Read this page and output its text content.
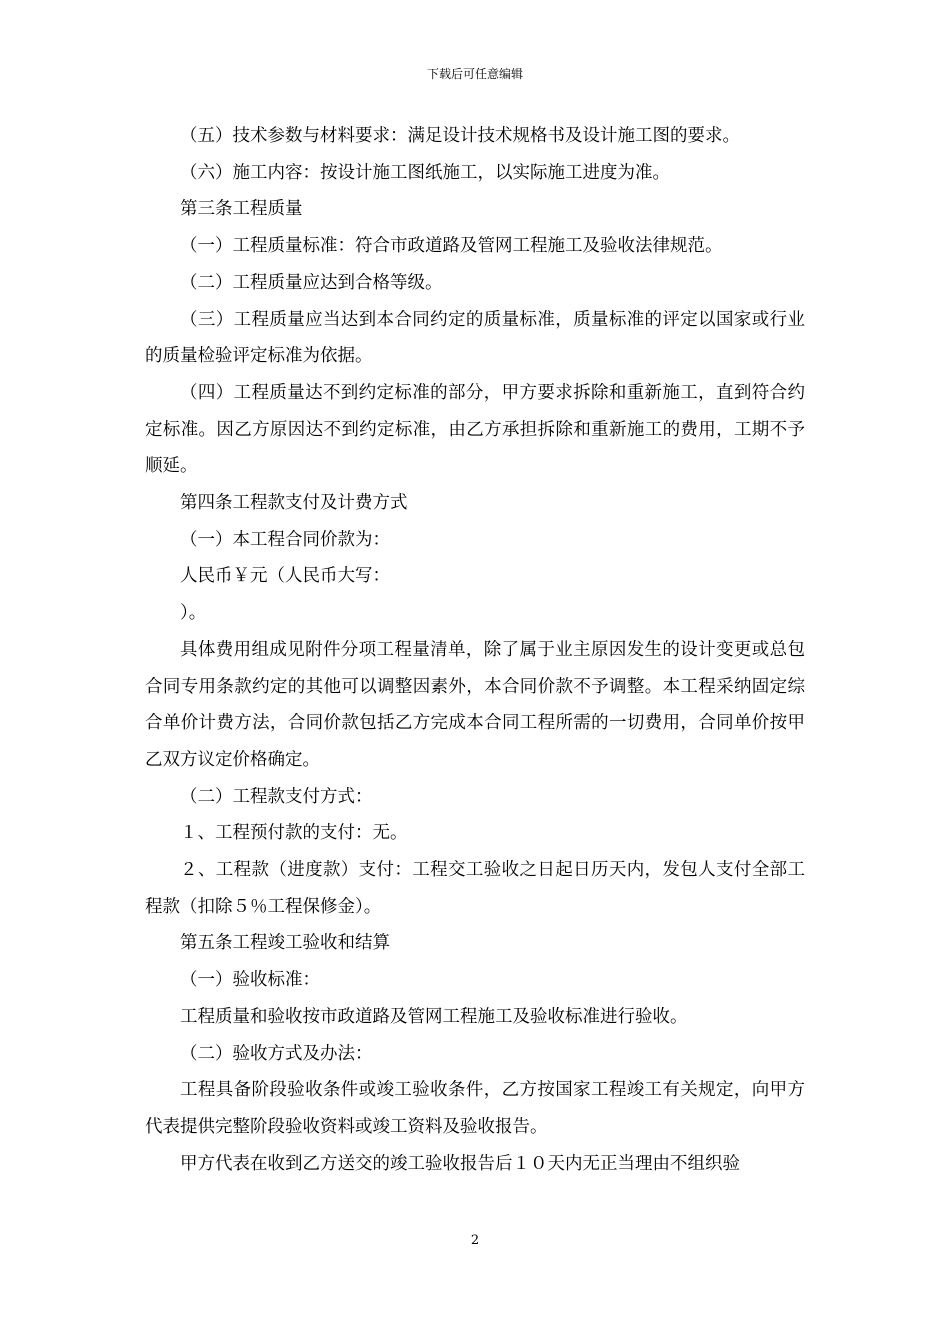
下载后可任意编辑

（五）技术参数与材料要求：满足设计技术规格书及设计施工图的要求。

（六）施工内容：按设计施工图纸施工，以实际施工进度为准。

第三条工程质量

（一）工程质量标准：符合市政道路及管网工程施工及验收法律规范。

（二）工程质量应达到合格等级。

（三）工程质量应当达到本合同约定的质量标准，质量标准的评定以国家或行业的质量检验评定标准为依据。

（四）工程质量达不到约定标准的部分，甲方要求拆除和重新施工，直到符合约定标准。因乙方原因达不到约定标准，由乙方承担拆除和重新施工的费用，工期不予顺延。

第四条工程款支付及计费方式

（一）本工程合同价款为：

人民币￥元（人民币大写：

）。

具体费用组成见附件分项工程量清单，除了属于业主原因发生的设计变更或总包合同专用条款约定的其他可以调整因素外，本合同价款不予调整。本工程采纳固定综合单价计费方法，合同价款包括乙方完成本合同工程所需的一切费用，合同单价按甲乙双方议定价格确定。

（二）工程款支付方式：

１、工程预付款的支付：无。

２、工程款（进度款）支付：工程交工验收之日起日历天内，发包人支付全部工程款（扣除５％工程保修金）。

第五条工程竣工验收和结算

（一）验收标准：

工程质量和验收按市政道路及管网工程施工及验收标准进行验收。

（二）验收方式及办法：

工程具备阶段验收条件或竣工验收条件，乙方按国家工程竣工有关规定，向甲方代表提供完整阶段验收资料或竣工资料及验收报告。

甲方代表在收到乙方送交的竣工验收报告后１０天内无正当理由不组织验

2
